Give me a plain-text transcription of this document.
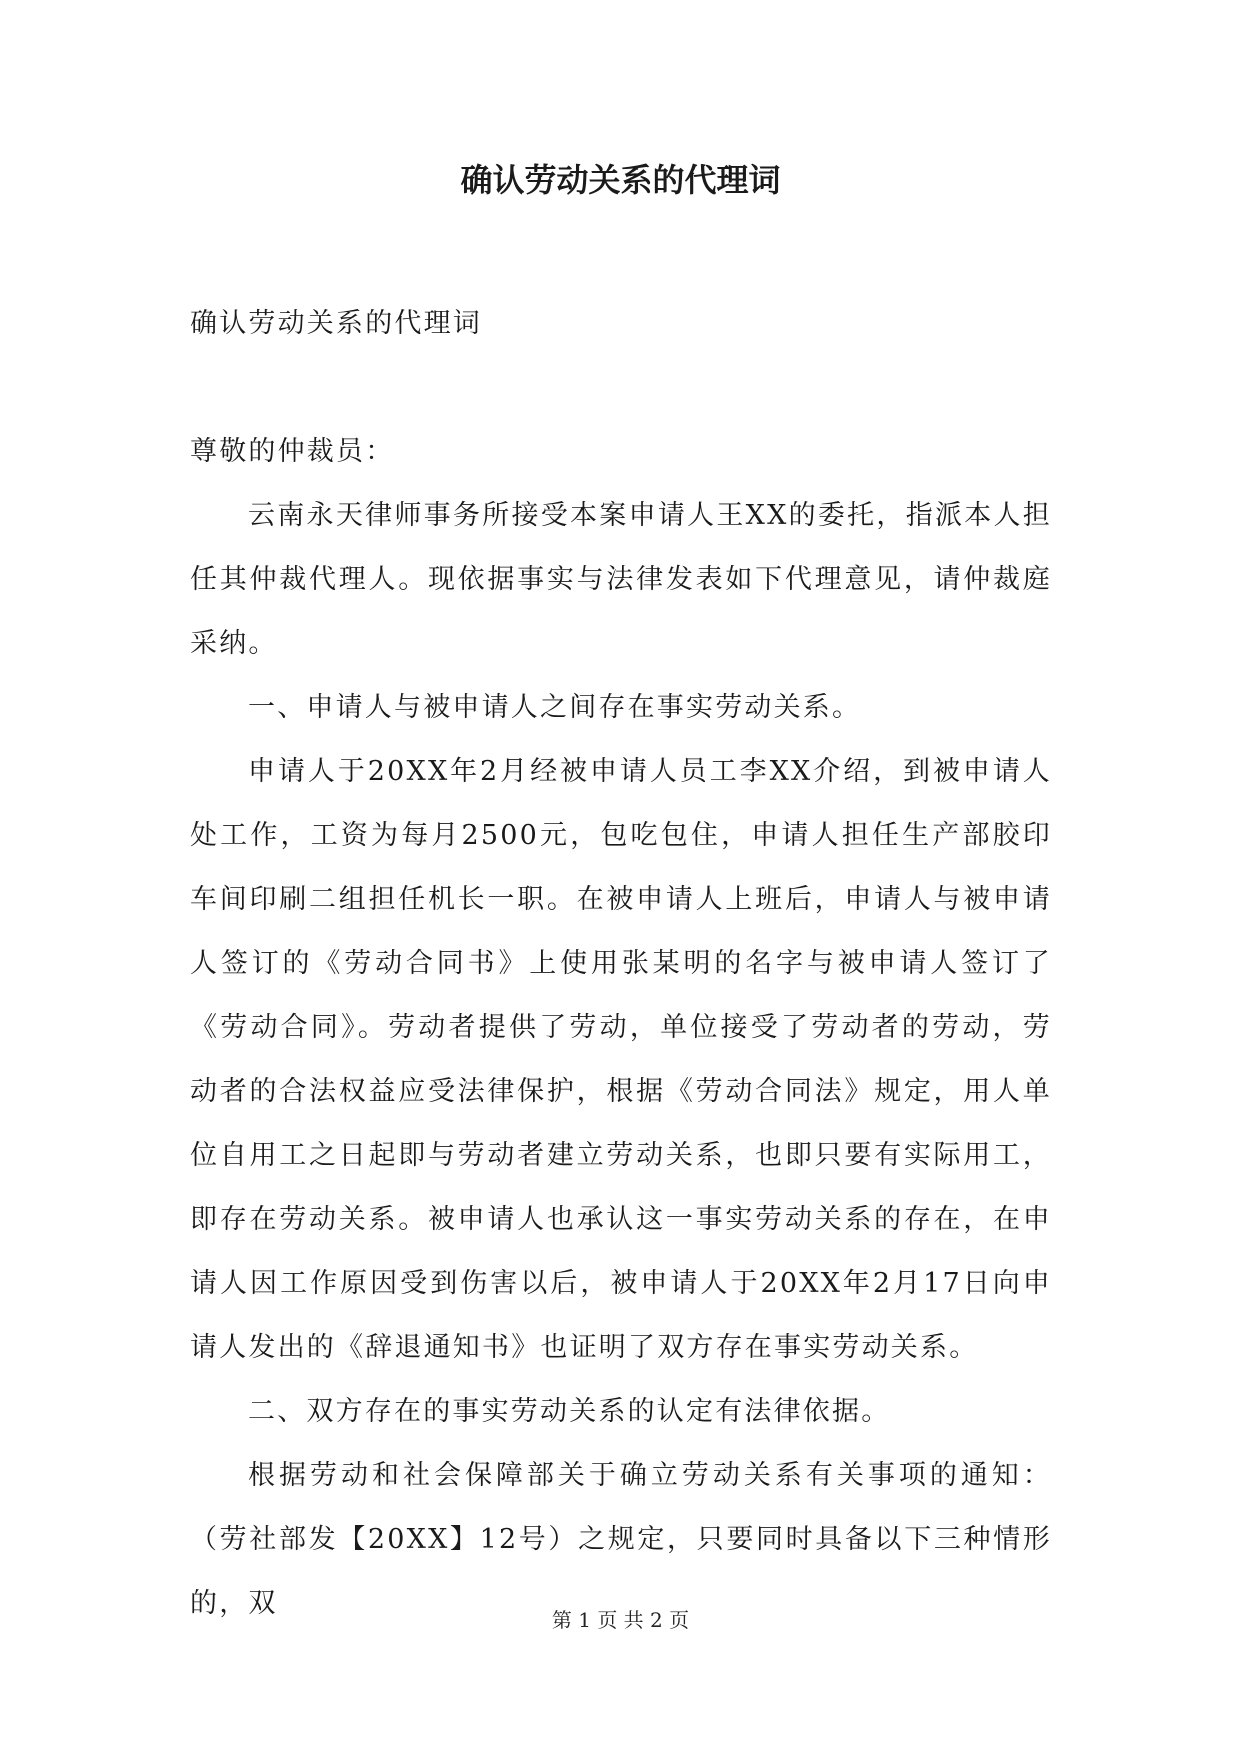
确认劳动关系的代理词

确认劳动关系的代理词

尊敬的仲裁员：

云南永天律师事务所接受本案申请人王XX的委托，指派本人担任其仲裁代理人。现依据事实与法律发表如下代理意见，请仲裁庭采纳。

一、申请人与被申请人之间存在事实劳动关系。

申请人于20XX年2月经被申请人员工李XX介绍，到被申请人处工作，工资为每月2500元，包吃包住，申请人担任生产部胶印车间印刷二组担任机长一职。在被申请人上班后，申请人与被申请人签订的《劳动合同书》上使用张某明的名字与被申请人签订了《劳动合同》。劳动者提供了劳动，单位接受了劳动者的劳动，劳动者的合法权益应受法律保护，根据《劳动合同法》规定，用人单位自用工之日起即与劳动者建立劳动关系，也即只要有实际用工，即存在劳动关系。被申请人也承认这一事实劳动关系的存在，在申请人因工作原因受到伤害以后，被申请人于20XX年2月17日向申请人发出的《辞退通知书》也证明了双方存在事实劳动关系。

二、双方存在的事实劳动关系的认定有法律依据。

根据劳动和社会保障部关于确立劳动关系有关事项的通知：（劳社部发【20XX】12号）之规定，只要同时具备以下三种情形的，双

第 1 页 共 2 页
